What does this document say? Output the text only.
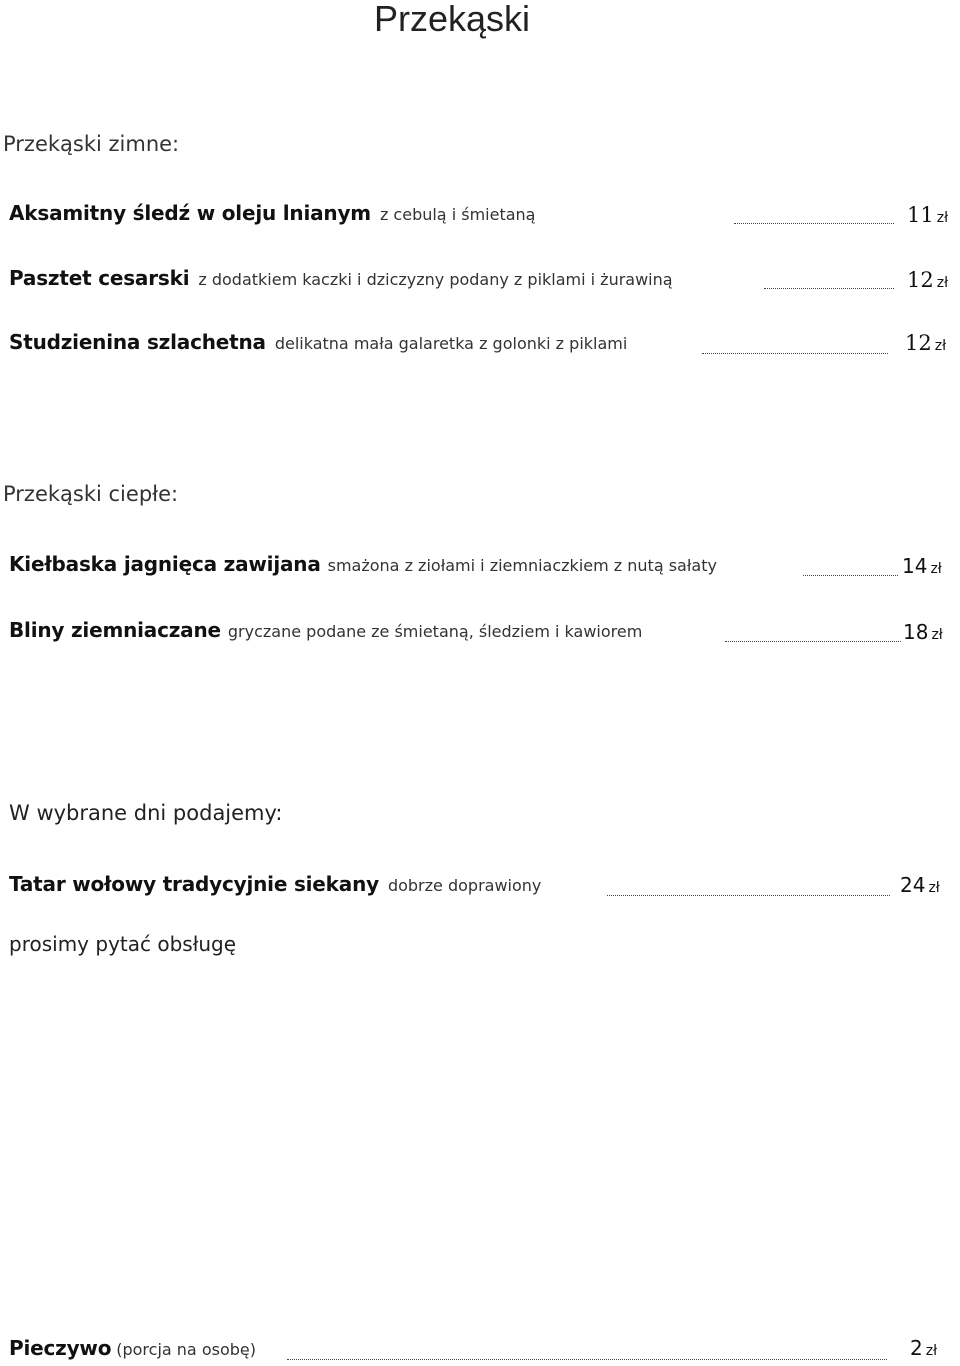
Przekąski
Przekąski zimne:
Aksamitny śledź w oleju lnianym z cebulą i śmietaną	11 zł
Pasztet cesarski z dodatkiem kaczki i dziczyzny podany z piklami i żurawiną	12 zł
Studzienina szlachetna delikatna mała galaretka z golonki z piklami	12 zł
Przekąski ciepłe:
Kiełbaska jagnięca zawijana smażona z ziołami i ziemniaczkiem z nutą sałaty	14 zł
Bliny ziemniaczane gryczane podane ze śmietaną, śledziem i kawiorem	18 zł
W wybrane dni podajemy:
Tatar wołowy tradycyjnie siekany dobrze doprawiony	24 zł
prosimy pytać obsługę
Pieczywo (porcja na osobę)	2 zł
